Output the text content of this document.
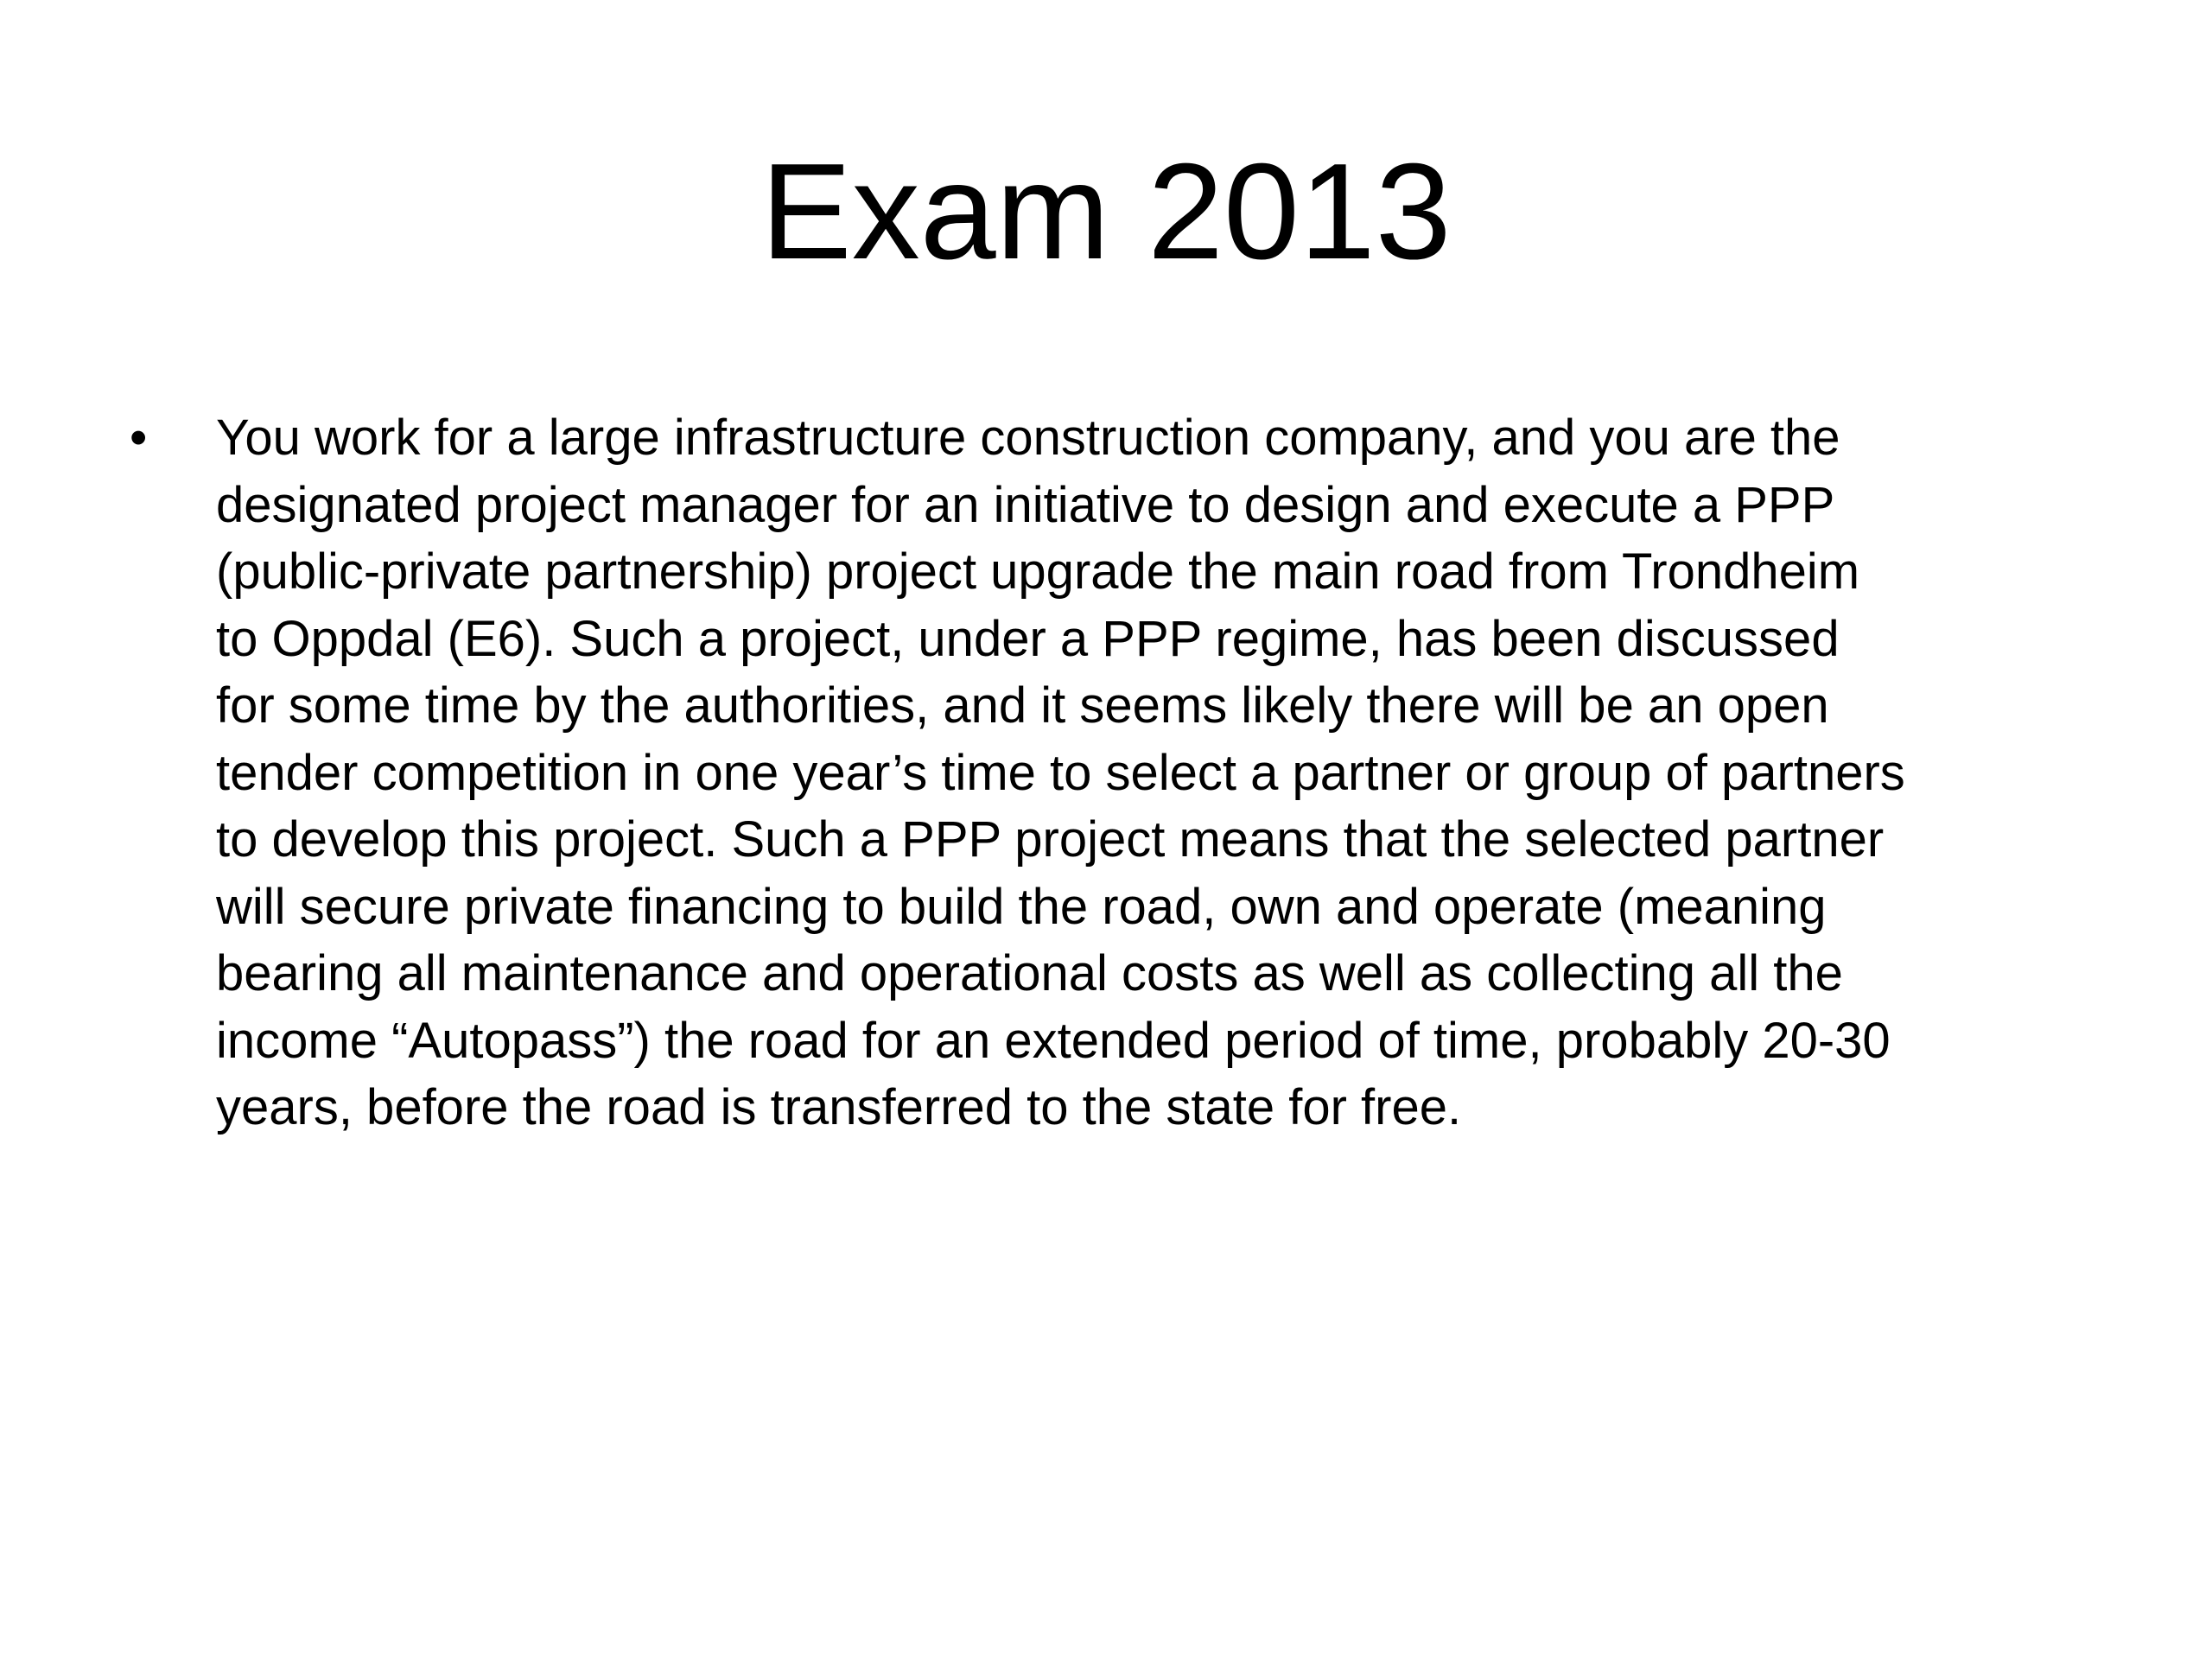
Exam 2013
•	You work for a large infrastructure construction company, and you are the
designated project manager for an initiative to design and execute a PPP
(public-private partnership) project upgrade the main road from Trondheim
to Oppdal (E6). Such a project, under a PPP regime, has been discussed
for some time by the authorities, and it seems likely there will be an open
tender competition in one year’s time to select a partner or group of partners
to develop this project. Such a PPP project means that the selected partner
will secure private financing to build the road, own and operate (meaning
bearing all maintenance and operational costs as well as collecting all the
income “Autopass”) the road for an extended period of time, probably 20-30
years, before the road is transferred to the state for free.
